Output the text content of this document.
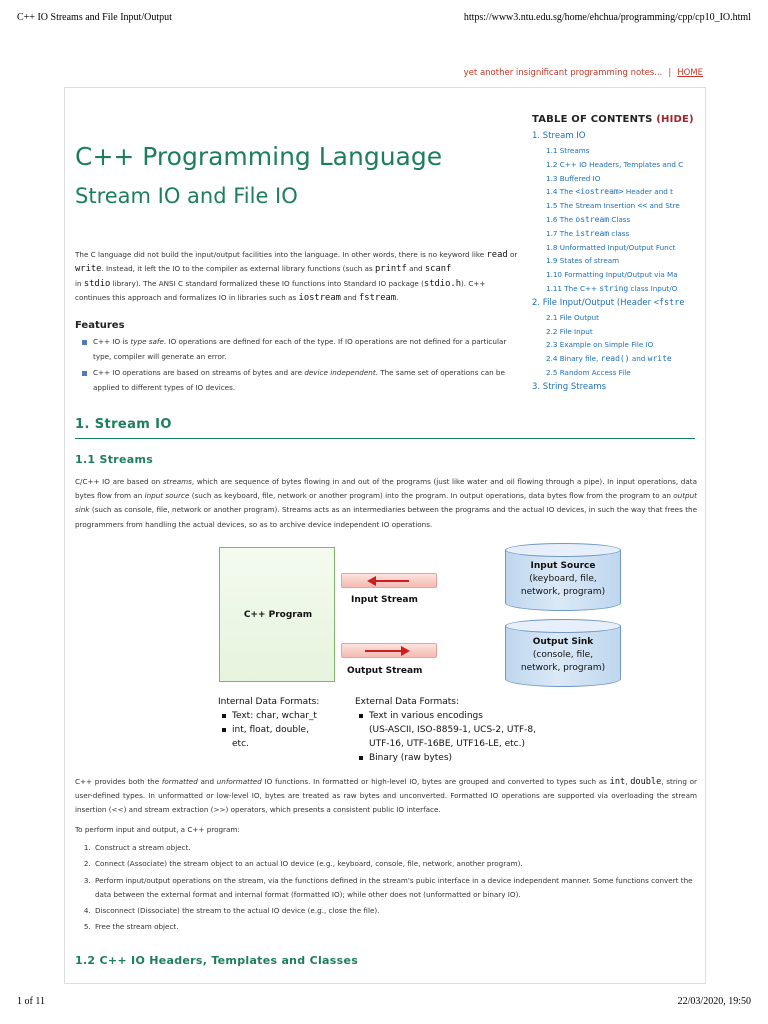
C++ IO Streams and File Input/Output	https://www3.ntu.edu.sg/home/ehchua/programming/cpp/cp10_IO.html
yet another insignificant programming notes... | HOME
TABLE OF CONTENTS (HIDE)
1. Stream IO
1.1 Streams
1.2 C++ IO Headers, Templates and C
1.3 Buffered IO
1.4 The <iostream> Header and t
1.5 The Stream Insertion << and Stre
1.6 The ostream Class
1.7 The istream class
1.8 Unformatted Input/Output Funct
1.9 States of stream
1.10 Formatting Input/Output via Ma
1.11 The C++ string class Input/O
2. File Input/Output (Header <fstre
2.1 File Output
2.2 File Input
2.3 Example on Simple File IO
2.4 Binary file, read() and write
2.5 Random Access File
3. String Streams
C++ Programming Language
Stream IO and File IO

The C language did not build the input/output facilities into the language. In other words, there is no keyword like read or write. Instead, it left the IO to the compiler as external library functions (such as printf and scanf
in stdio library). The ANSI C standard formalized these IO functions into Standard IO package (stdio.h). C++
continues this approach and formalizes IO in libraries such as iostream and fstream.

Features
C++ IO is type safe. IO operations are defined for each of the type. If IO operations are not defined for a particular type, compiler will generate an error.
C++ IO operations are based on streams of bytes and are device independent. The same set of operations can be applied to different types of IO devices.
1. Stream IO
1.1 Streams

C/C++ IO are based on streams, which are sequence of bytes flowing in and out of the programs (just like water and oil flowing through a pipe). In input operations, data bytes flow from an input source (such as keyboard, file, network or another program) into the program. In output operations, data bytes flow from the program to an output sink (such as console, file, network or another program). Streams acts as an intermediaries between the programs and the actual IO devices, in such the way that frees the programmers from handling the actual devices, so as to archive device independent IO operations.

C++ Program
Input Stream
Output Stream
Input Source
(keyboard, file,
network, program)
Output Sink
(console, file,
network, program)
Internal Data Formats:
Text: char, wchar_t
int, float, double,
etc.
External Data Formats:
Text in various encodings
(US-ASCII, ISO-8859-1, UCS-2, UTF-8,
UTF-16, UTF-16BE, UTF16-LE, etc.)
Binary (raw bytes)

C++ provides both the formatted and unformatted IO functions. In formatted or high-level IO, bytes are grouped and converted to types such as int, double, string or user-defined types. In unformatted or low-level IO, bytes are treated as raw bytes and unconverted. Formatted IO operations are supported via overloading the stream insertion (<<) and stream extraction (>>) operators, which presents a consistent public IO interface.

To perform input and output, a C++ program:

1. Construct a stream object.
2. Connect (Associate) the stream object to an actual IO device (e.g., keyboard, console, file, network, another program).
3. Perform input/output operations on the stream, via the functions defined in the stream's pubic interface in a device independent manner. Some functions convert the data between the external format and internal format (formatted IO); while other does not (unformatted or binary IO).
4. Disconnect (Dissociate) the stream to the actual IO device (e.g., close the file).
5. Free the stream object.
1.2 C++ IO Headers, Templates and Classes
1 of 11	22/03/2020, 19:50
